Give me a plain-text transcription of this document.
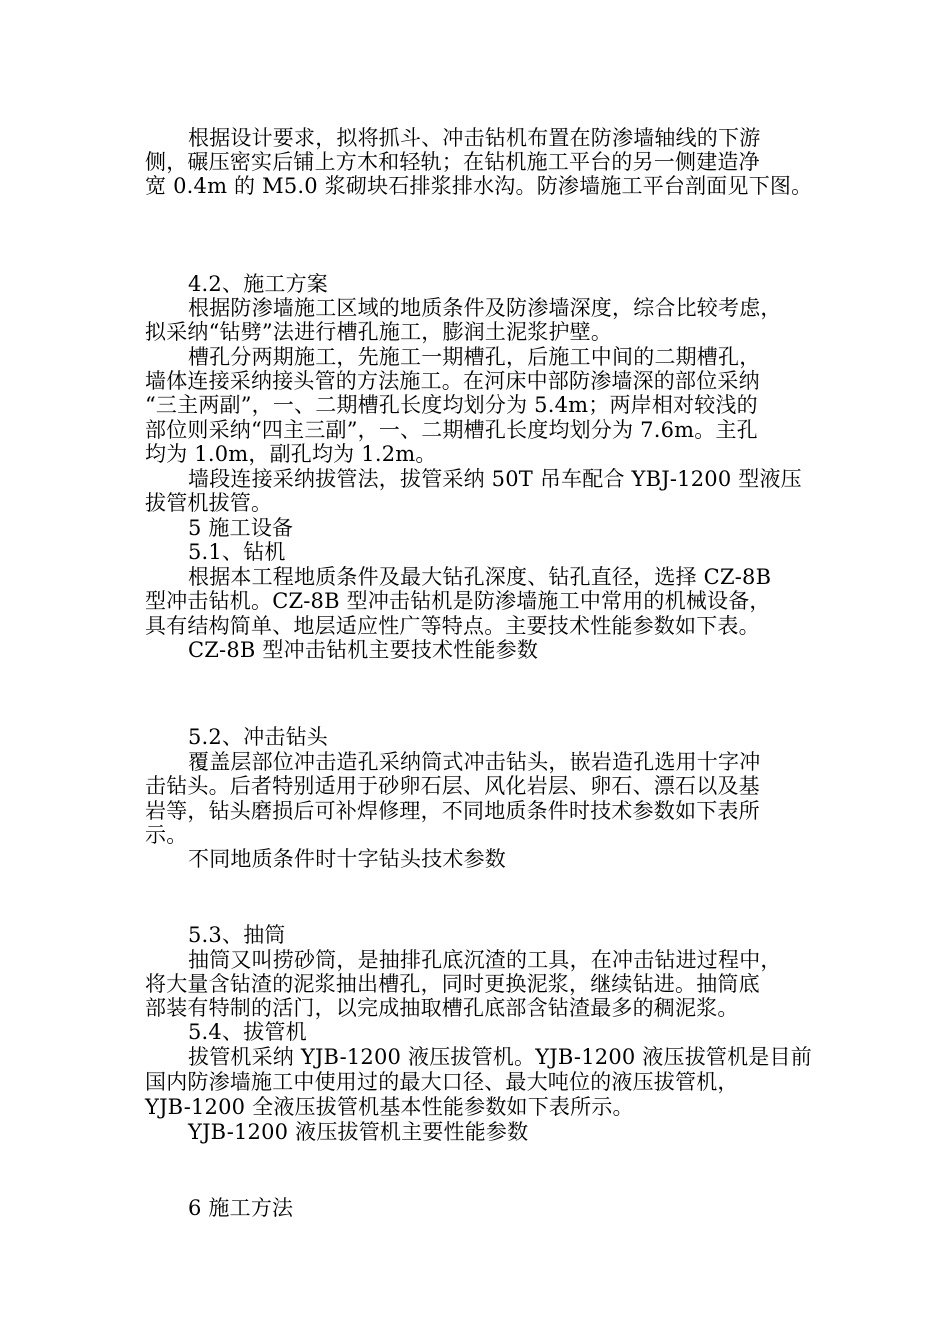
根据设计要求，拟将抓斗、冲击钻机布置在防渗墙轴线的下游
侧，碾压密实后铺上方木和轻轨；在钻机施工平台的另一侧建造净
宽 0.4m 的 M5.0 浆砌块石排浆排水沟。防渗墙施工平台剖面见下图。
4.2、施工方案
根据防渗墙施工区域的地质条件及防渗墙深度，综合比较考虑，
拟采纳“钻劈”法进行槽孔施工，膨润土泥浆护壁。
槽孔分两期施工，先施工一期槽孔，后施工中间的二期槽孔，
墙体连接采纳接头管的方法施工。在河床中部防渗墙深的部位采纳
“三主两副”，一、二期槽孔长度均划分为 5.4m；两岸相对较浅的
部位则采纳“四主三副”，一、二期槽孔长度均划分为 7.6m。主孔
均为 1.0m，副孔均为 1.2m。
墙段连接采纳拔管法，拔管采纳 50T 吊车配合 YBJ-1200 型液压
拔管机拔管。
5 施工设备
5.1、钻机
根据本工程地质条件及最大钻孔深度、钻孔直径，选择 CZ-8B
型冲击钻机。CZ-8B 型冲击钻机是防渗墙施工中常用的机械设备，
具有结构简单、地层适应性广等特点。主要技术性能参数如下表。
CZ-8B 型冲击钻机主要技术性能参数
5.2、冲击钻头
覆盖层部位冲击造孔采纳筒式冲击钻头，嵌岩造孔选用十字冲
击钻头。后者特别适用于砂卵石层、风化岩层、卵石、漂石以及基
岩等，钻头磨损后可补焊修理，不同地质条件时技术参数如下表所
示。
不同地质条件时十字钻头技术参数
5.3、抽筒
抽筒又叫捞砂筒，是抽排孔底沉渣的工具，在冲击钻进过程中，
将大量含钻渣的泥浆抽出槽孔，同时更换泥浆，继续钻进。抽筒底
部装有特制的活门，以完成抽取槽孔底部含钻渣最多的稠泥浆。
5.4、拔管机
拔管机采纳 YJB-1200 液压拔管机。YJB-1200 液压拔管机是目前
国内防渗墙施工中使用过的最大口径、最大吨位的液压拔管机，
YJB-1200 全液压拔管机基本性能参数如下表所示。
YJB-1200 液压拔管机主要性能参数
6 施工方法
